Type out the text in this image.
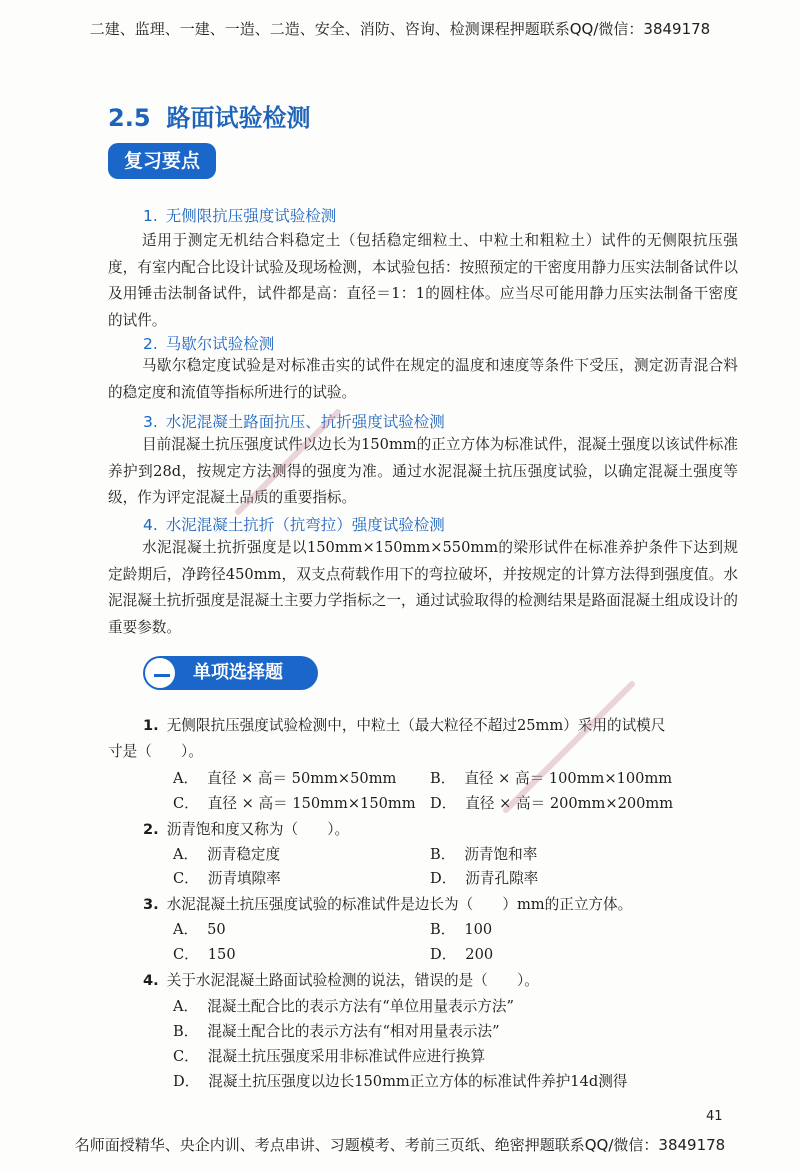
二建、监理、一建、一造、二造、安全、消防、咨询、检测课程押题联系QQ/微信：3849178
2.5 路面试验检测
复习要点
1. 无侧限抗压强度试验检测
适用于测定无机结合料稳定土（包括稳定细粒土、中粒土和粗粒土）试件的无侧限抗压强度，有室内配合比设计试验及现场检测，本试验包括：按照预定的干密度用静力压实法制备试件以及用锤击法制备试件，试件都是高：直径＝1：1的圆柱体。应当尽可能用静力压实法制备干密度的试件。
2. 马歇尔试验检测
马歇尔稳定度试验是对标准击实的试件在规定的温度和速度等条件下受压，测定沥青混合料的稳定度和流值等指标所进行的试验。
3. 水泥混凝土路面抗压、抗折强度试验检测
目前混凝土抗压强度试件以边长为150mm的正立方体为标准试件，混凝土强度以该试件标准养护到28d，按规定方法测得的强度为准。通过水泥混凝土抗压强度试验，以确定混凝土强度等级，作为评定混凝土品质的重要指标。
4. 水泥混凝土抗折（抗弯拉）强度试验检测
水泥混凝土抗折强度是以150mm×150mm×550mm的梁形试件在标准养护条件下达到规定龄期后，净跨径450mm，双支点荷载作用下的弯拉破坏，并按规定的计算方法得到强度值。水泥混凝土抗折强度是混凝土主要力学指标之一，通过试验取得的检测结果是路面混凝土组成设计的重要参数。
单项选择题
1. 无侧限抗压强度试验检测中，中粒土（最大粒径不超过25mm）采用的试模尺
寸是（　　）。
A． 直径 × 高＝ 50mm×50mm B． 直径 × 高＝ 100mm×100mm
C． 直径 × 高＝ 150mm×150mm D． 直径 × 高＝ 200mm×200mm
2. 沥青饱和度又称为（　　）。
A． 沥青稳定度	B． 沥青饱和率
C． 沥青填隙率	D． 沥青孔隙率
3. 水泥混凝土抗压强度试验的标准试件是边长为（　　）mm的正立方体。
A． 50	B． 100
C． 150	D． 200
4. 关于水泥混凝土路面试验检测的说法，错误的是（　　）。
A． 混凝土配合比的表示方法有“单位用量表示方法”
B． 混凝土配合比的表示方法有“相对用量表示法”
C． 混凝土抗压强度采用非标准试件应进行换算
D． 混凝土抗压强度以边长150mm正立方体的标准试件养护14d测得
41
名师面授精华、央企内训、考点串讲、习题模考、考前三页纸、绝密押题联系QQ/微信：3849178
